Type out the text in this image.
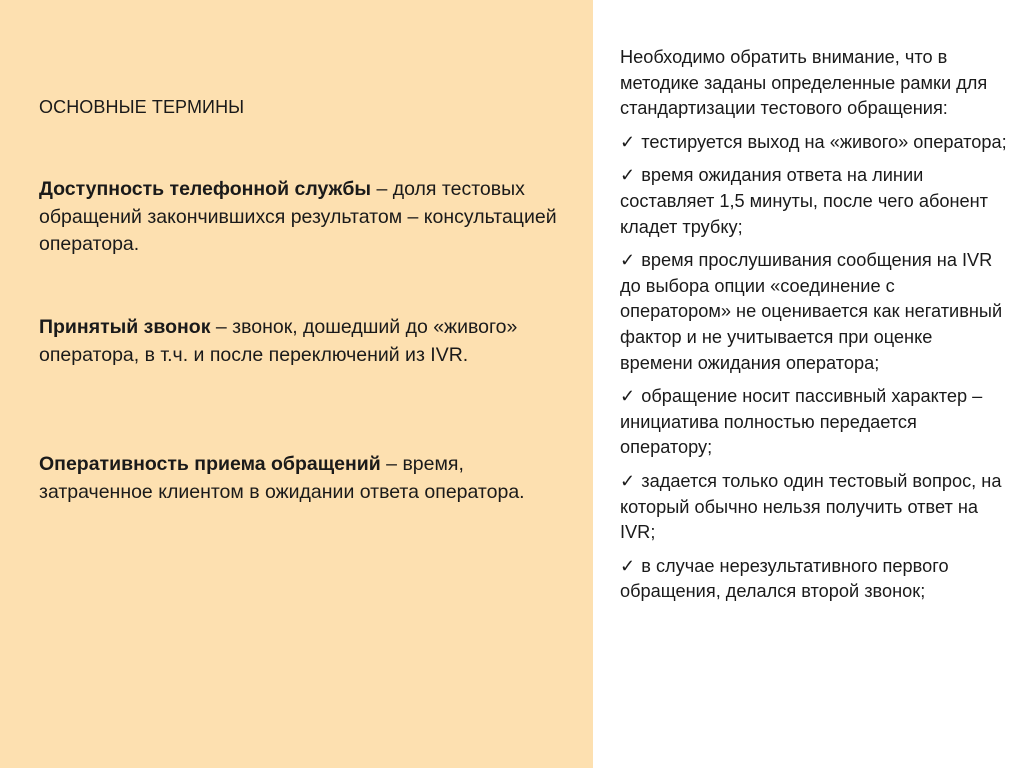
ОСНОВНЫЕ ТЕРМИНЫ
Доступность телефонной службы – доля тестовых обращений закончившихся результатом – консультацией оператора.
Принятый звонок – звонок, дошедший до «живого» оператора, в т.ч. и после переключений из IVR.
Оперативность приема обращений – время, затраченное клиентом в ожидании ответа оператора.
Необходимо обратить внимание, что в методике заданы определенные рамки для стандартизации тестового обращения:
✓ тестируется выход на «живого» оператора;
✓ время ожидания ответа на линии составляет 1,5 минуты, после чего абонент кладет трубку;
✓ время прослушивания сообщения на IVR до выбора опции «соединение с оператором» не оценивается как негативный фактор и не учитывается при оценке времени ожидания оператора;
✓ обращение носит пассивный характер – инициатива полностью передается оператору;
✓ задается только один тестовый вопрос, на который обычно нельзя получить ответ на IVR;
✓ в случае нерезультативного первого обращения, делался второй звонок;
